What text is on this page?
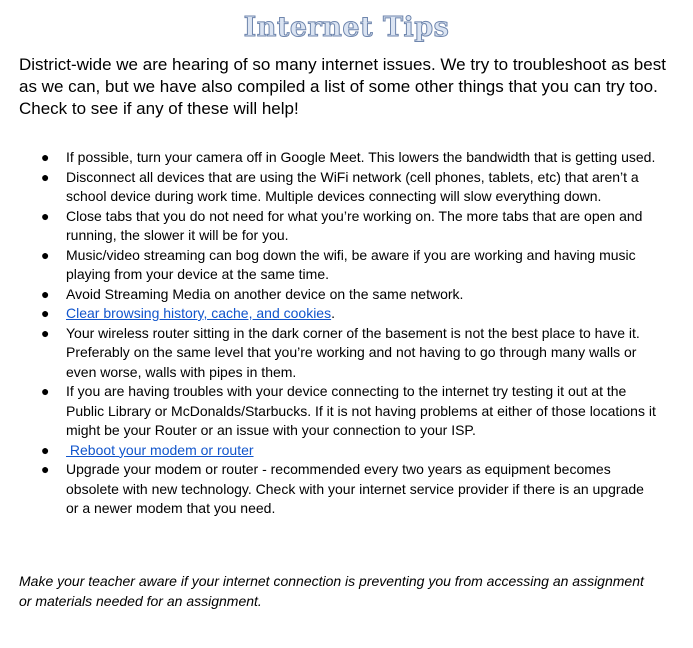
Internet Tips

District-wide we are hearing of so many internet issues. We try to troubleshoot as best as we can, but we have also compiled a list of some other things that you can try too. Check to see if any of these will help!

● If possible, turn your camera off in Google Meet. This lowers the bandwidth that is getting used.
● Disconnect all devices that are using the WiFi network (cell phones, tablets, etc) that aren’t a school device during work time. Multiple devices connecting will slow everything down.
● Close tabs that you do not need for what you’re working on. The more tabs that are open and running, the slower it will be for you.
● Music/video streaming can bog down the wifi, be aware if you are working and having music playing from your device at the same time.
● Avoid Streaming Media on another device on the same network.
● Clear browsing history, cache, and cookies.
● Your wireless router sitting in the dark corner of the basement is not the best place to have it. Preferably on the same level that you’re working and not having to go through many walls or even worse, walls with pipes in them.
● If you are having troubles with your device connecting to the internet try testing it out at the Public Library or McDonalds/Starbucks. If it is not having problems at either of those locations it might be your Router or an issue with your connection to your ISP.
● Reboot your modem or router
● Upgrade your modem or router - recommended every two years as equipment becomes obsolete with new technology. Check with your internet service provider if there is an upgrade or a newer modem that you need.

Make your teacher aware if your internet connection is preventing you from accessing an assignment or materials needed for an assignment.
